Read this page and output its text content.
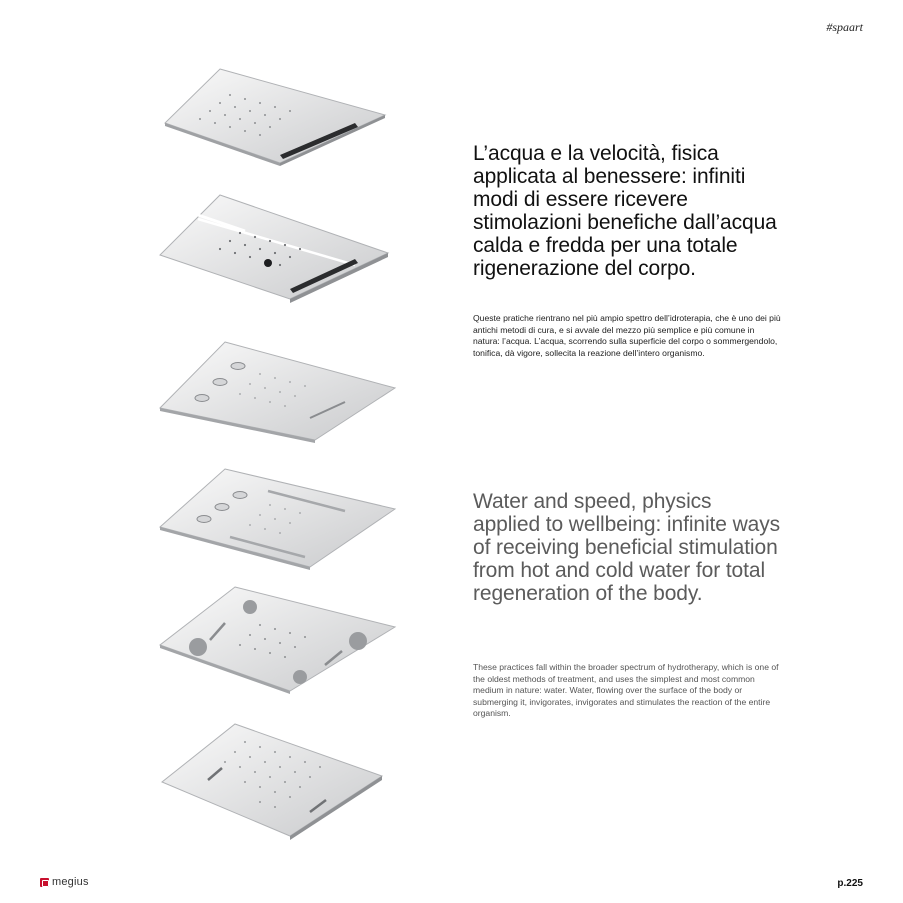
#spaart
L’acqua e la velocità, fisica applicata al benessere: infiniti modi di essere ricevere stimolazioni benefiche dall’acqua calda e fredda per una totale rigenerazione del corpo.

Queste pratiche rientrano nel più ampio spettro dell’idroterapia, che è uno dei più antichi metodi di cura, e si avvale del mezzo più semplice e più comune in natura: l’acqua. L’acqua, scorrendo sulla superficie del corpo o sommergendolo, tonifica, dà vigore, sollecita la reazione dell’intero organismo.

Water and speed, physics applied to wellbeing: infinite ways of receiving beneficial stimulation from hot and cold water for total regeneration of the body.

These practices fall within the broader spectrum of hydrotherapy, which is one of the oldest methods of treatment, and uses the simplest and most common medium in nature: water. Water, flowing over the surface of the body or submerging it, invigorates, invigorates and stimulates the reaction of the entire organism.

megius	p.225
